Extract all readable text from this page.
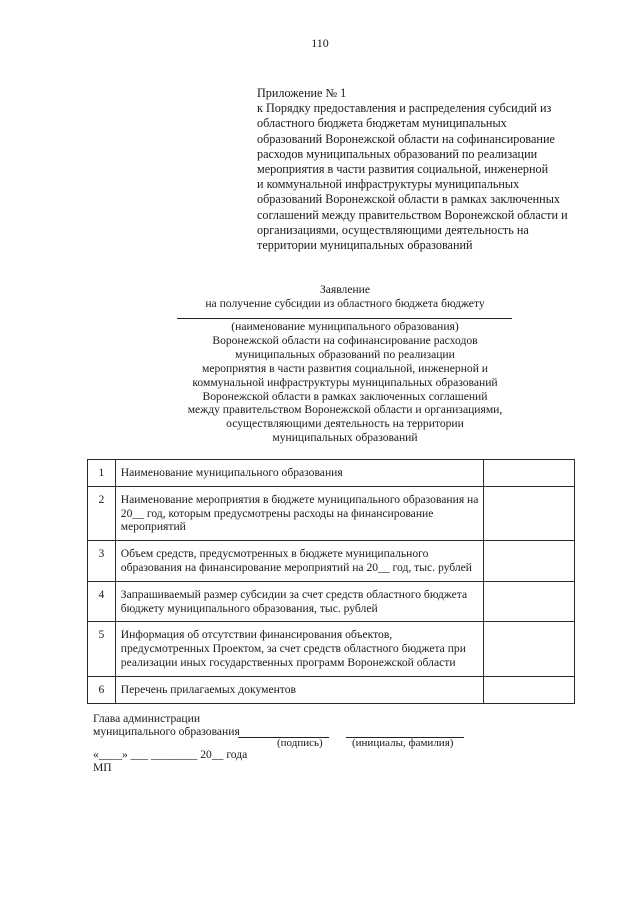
110
Приложение № 1
к Порядку предоставления и распределения субсидий из
областного бюджета бюджетам муниципальных
образований Воронежской области на софинансирование
расходов муниципальных образований по реализации
мероприятия в части развития социальной, инженерной
и коммунальной инфраструктуры муниципальных
образований Воронежской области в рамках заключенных
соглашений между правительством Воронежской области и
организациями, осуществляющими деятельность на
территории муниципальных образований
Заявление
на получение субсидии из областного бюджета бюджету
(наименование муниципального образования)
Воронежской области на софинансирование расходов
муниципальных образований по реализации
мероприятия в части развития социальной, инженерной и
коммунальной инфраструктуры муниципальных образований
Воронежской области в рамках заключенных соглашений
между правительством Воронежской области и организациями,
осуществляющими деятельность на территории
муниципальных образований
1	Наименование муниципального образования	
2	Наименование мероприятия в бюджете муниципального образования на 20__ год, которым предусмотрены расходы на финансирование мероприятий	
3	Объем средств, предусмотренных в бюджете муниципального образования на финансирование мероприятий на 20__ год, тыс. рублей	
4	Запрашиваемый размер субсидии за счет средств областного бюджета бюджету муниципального образования, тыс. рублей	
5	Информация об отсутствии финансирования объектов, предусмотренных Проектом, за счет средств областного бюджета при реализации иных государственных программ Воронежской области	
6	Перечень прилагаемых документов	
Глава администрации
муниципального образования
(подпись)	(инициалы, фамилия)
«____» ___ ________ 20__ года
МП
